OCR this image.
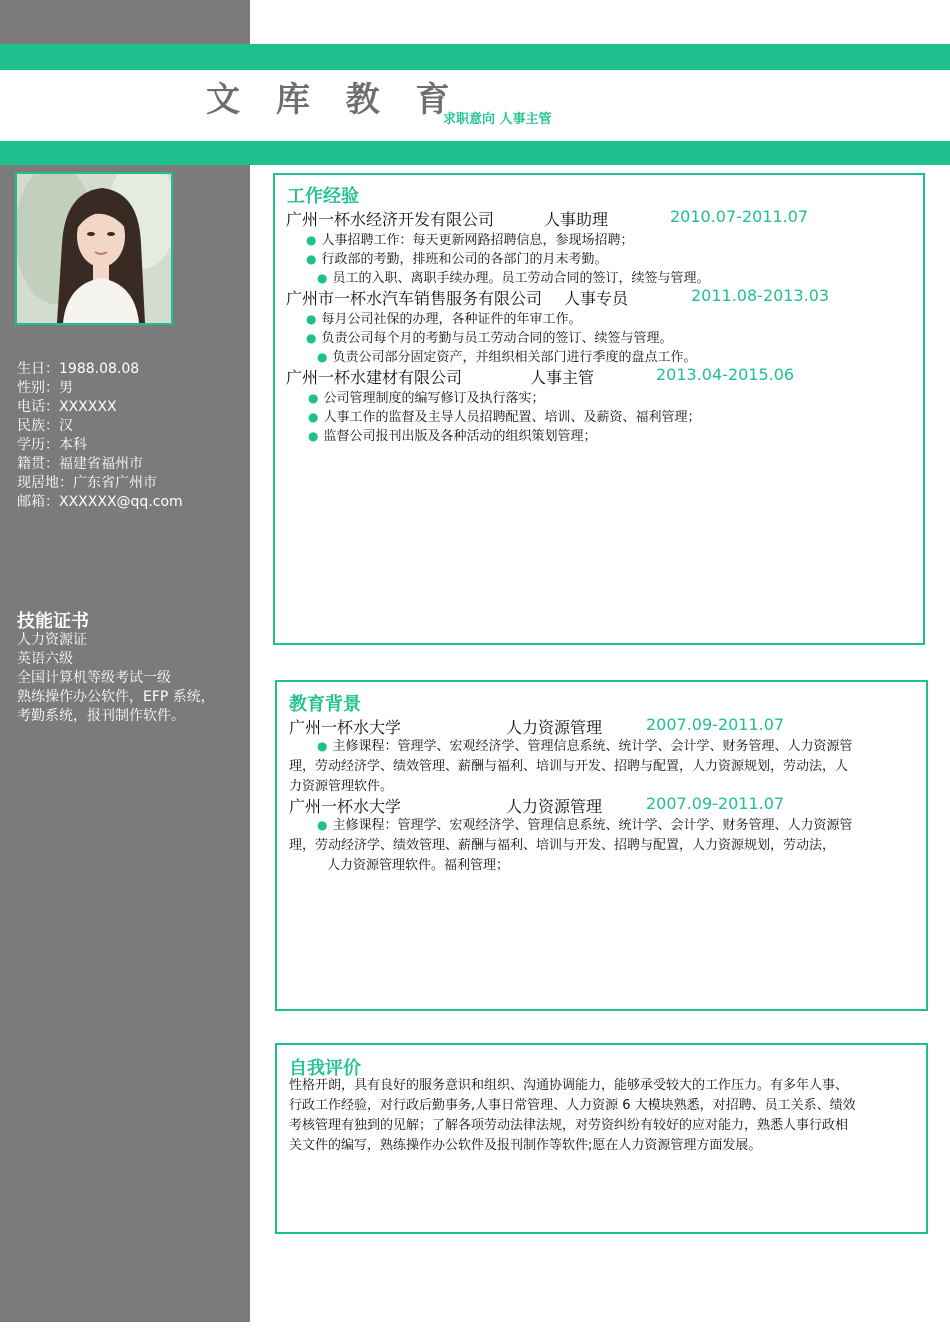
文 库 教 育
求职意向 人事主管
生日：1988.08.08
性别：男
电话：XXXXXX
民族：汉
学历：本科
籍贯：福建省福州市
现居地：广东省广州市
邮箱：XXXXXX@qq.com
技能证书
人力资源证
英语六级
全国计算机等级考试一级
熟练操作办公软件，EFP 系统，
考勤系统，报刊制作软件。
工作经验
广州一杯水经济开发有限公司	人事助理	2010.07-2011.07
● 人事招聘工作：每天更新网路招聘信息，参现场招聘；
● 行政部的考勤，排班和公司的各部门的月末考勤。
● 员工的入职、离职手续办理。员工劳动合同的签订，续签与管理。
广州市一杯水汽车销售服务有限公司 人事专员	2011.08-2013.03
● 每月公司社保的办理，各种证件的年审工作。
● 负责公司每个月的考勤与员工劳动合同的签订、续签与管理。
● 负责公司部分固定资产，并组织相关部门进行季度的盘点工作。
广州一杯水建材有限公司	人事主管	2013.04-2015.06
● 公司管理制度的编写修订及执行落实；
● 人事工作的监督及主导人员招聘配置、培训、及薪资、福利管理；
● 监督公司报刊出版及各种活动的组织策划管理；
教育背景
广州一杯水大学	人力资源管理	2007.09-2011.07
● 主修课程：管理学、宏观经济学、管理信息系统、统计学、会计学、财务管理、人力资源管
理，劳动经济学、绩效管理、薪酬与福利、培训与开发、招聘与配置，人力资源规划，劳动法，人
力资源管理软件。
广州一杯水大学	人力资源管理	2007.09-2011.07
● 主修课程：管理学、宏观经济学、管理信息系统、统计学、会计学、财务管理、人力资源管
理，劳动经济学、绩效管理、薪酬与福利、培训与开发、招聘与配置，人力资源规划，劳动法，
人力资源管理软件。福利管理；
自我评价
性格开朗，具有良好的服务意识和组织、沟通协调能力，能够承受较大的工作压力。有多年人事、
行政工作经验，对行政后勤事务,人事日常管理、人力资源 6 大模块熟悉，对招聘、员工关系、绩效
考核管理有独到的见解；了解各项劳动法律法规，对劳资纠纷有较好的应对能力，熟悉人事行政相
关文件的编写，熟练操作办公软件及报刊制作等软件;愿在人力资源管理方面发展。
